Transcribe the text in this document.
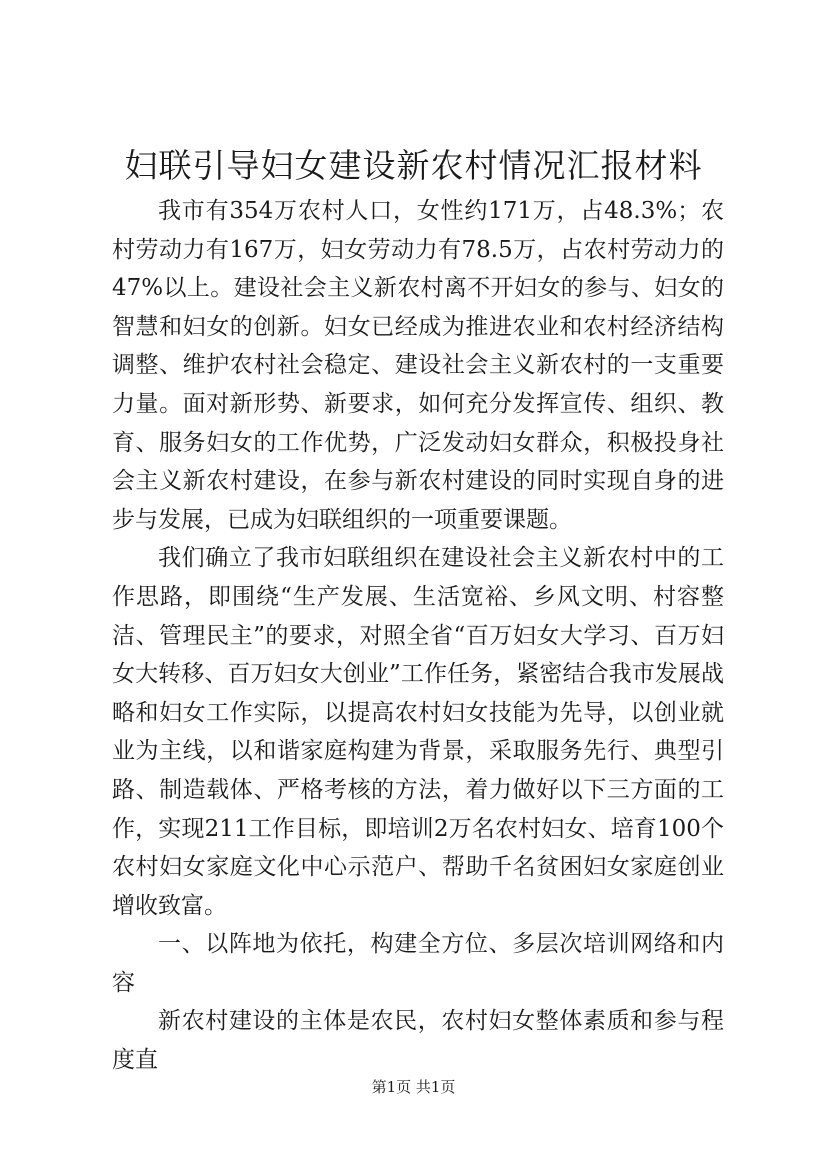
妇联引导妇女建设新农村情况汇报材料

我市有354万农村人口，女性约171万，占48.3%；农村劳动力有167万，妇女劳动力有78.5万，占农村劳动力的47%以上。建设社会主义新农村离不开妇女的参与、妇女的智慧和妇女的创新。妇女已经成为推进农业和农村经济结构调整、维护农村社会稳定、建设社会主义新农村的一支重要力量。面对新形势、新要求，如何充分发挥宣传、组织、教育、服务妇女的工作优势，广泛发动妇女群众，积极投身社会主义新农村建设，在参与新农村建设的同时实现自身的进步与发展，已成为妇联组织的一项重要课题。

我们确立了我市妇联组织在建设社会主义新农村中的工作思路，即围绕“生产发展、生活宽裕、乡风文明、村容整洁、管理民主”的要求，对照全省“百万妇女大学习、百万妇女大转移、百万妇女大创业”工作任务，紧密结合我市发展战略和妇女工作实际，以提高农村妇女技能为先导，以创业就业为主线，以和谐家庭构建为背景，采取服务先行、典型引路、制造载体、严格考核的方法，着力做好以下三方面的工作，实现211工作目标，即培训2万名农村妇女、培育100个农村妇女家庭文化中心示范户、帮助千名贫困妇女家庭创业增收致富。

一、以阵地为依托，构建全方位、多层次培训网络和内容

新农村建设的主体是农民，农村妇女整体素质和参与程度直

第1页 共1页
